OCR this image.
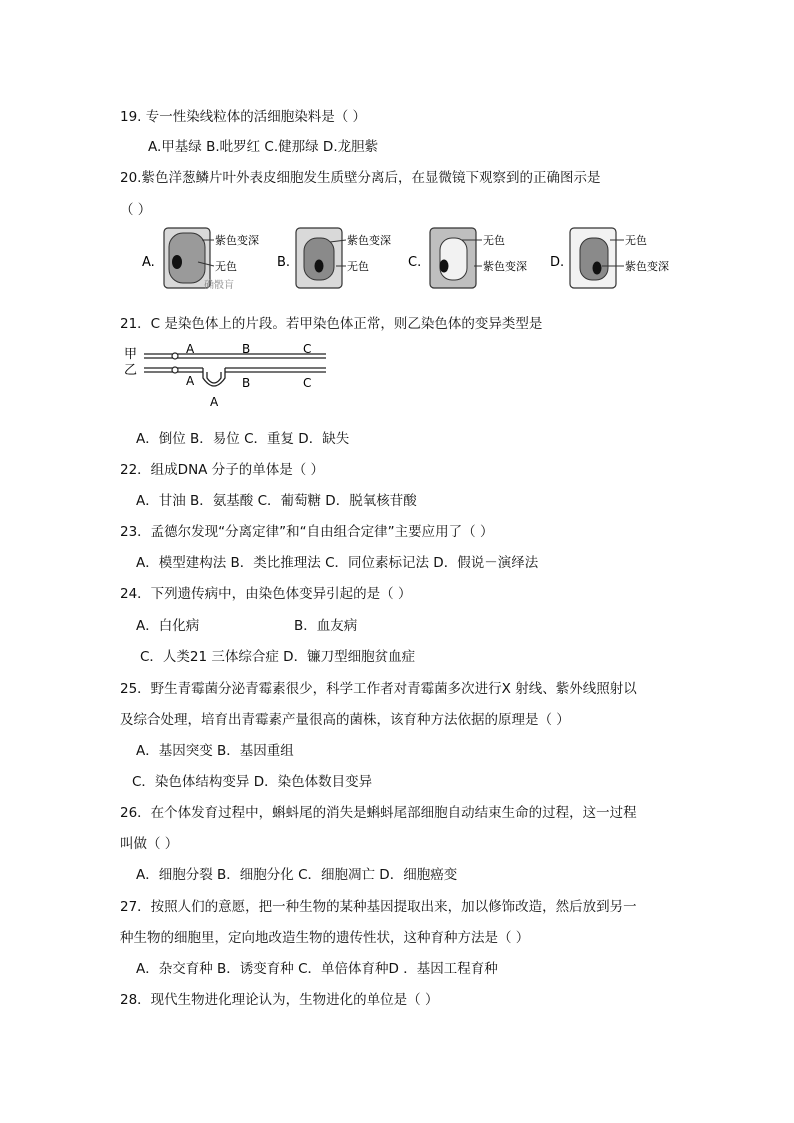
19. 专一性染线粒体的活细胞染料是（ ）
A.甲基绿 B.吡罗红 C.健那绿 D.龙胆紫
20.紫色洋葱鳞片叶外表皮细胞发生质壁分离后，在显微镜下观察到的正确图示是
（ ）
A.
紫色变深
无色
确骰肓
B.
紫色变深
无色	C.
无色
紫色变深 D.
无色
紫色变深
21．C 是染色体上的片段。若甲染色体正常，则乙染色体的变异类型是
甲
乙
A	B	C
A	B	C
A
A．倒位 B．易位 C．重复 D．缺失
22．组成DNA 分子的单体是（ ）
A．甘油 B．氨基酸 C．葡萄糖 D．脱氧核苷酸
23．孟德尔发现“分离定律”和“自由组合定律”主要应用了（ ）
A．模型建构法 B．类比推理法 C．同位素标记法 D．假说－演绎法
24．下列遗传病中，由染色体变异引起的是（ ）
A．白化病	B．血友病
C．人类21 三体综合症 D．镰刀型细胞贫血症
25．野生青霉菌分泌青霉素很少，科学工作者对青霉菌多次进行X 射线、紫外线照射以
及综合处理，培育出青霉素产量很高的菌株，该育种方法依据的原理是（ ）
A．基因突变 B．基因重组
C．染色体结构变异 D．染色体数目变异
26．在个体发育过程中，蝌蚪尾的消失是蝌蚪尾部细胞自动结束生命的过程，这一过程
叫做（ ）
A．细胞分裂 B．细胞分化 C．细胞凋亡 D．细胞癌变
27．按照人们的意愿，把一种生物的某种基因提取出来，加以修饰改造，然后放到另一
种生物的细胞里，定向地改造生物的遗传性状，这种育种方法是（ ）
A．杂交育种 B．诱变育种 C．单倍体育种D ．基因工程育种
28．现代生物进化理论认为，生物进化的单位是（ ）
